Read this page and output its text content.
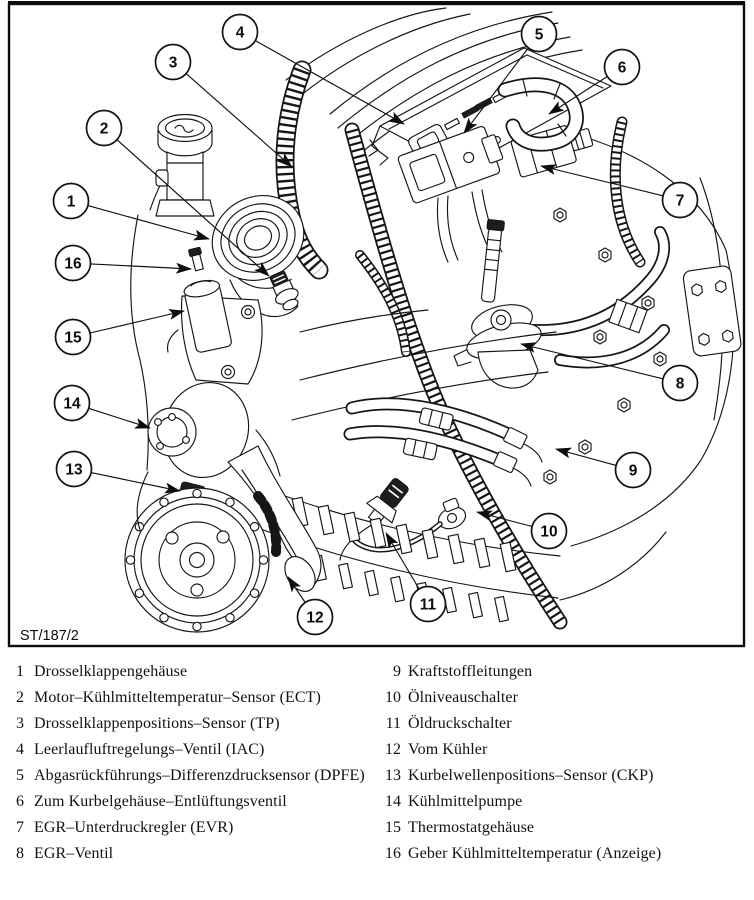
ST/187/2
1
2
3
4	5
6
7
8
9
10
11
12
13
14
15
16
1 Drosselklappengehäuse
2 Motor–Kühlmitteltemperatur–Sensor (ECT)
3 Drosselklappenpositions–Sensor (TP)
4 Leerlaufluftregelungs–Ventil (IAC)
5 Abgasrückführungs–Differenzdrucksensor (DPFE)
6 Zum Kurbelgehäuse–Entlüftungsventil
7 EGR–Unterdruckregler (EVR)
8 EGR–Ventil
9 Kraftstoffleitungen
10 Ölniveauschalter
11 Öldruckschalter
12 Vom Kühler
13 Kurbelwellenpositions–Sensor (CKP)
14 Kühlmittelpumpe
15 Thermostatgehäuse
16 Geber Kühlmitteltemperatur (Anzeige)
